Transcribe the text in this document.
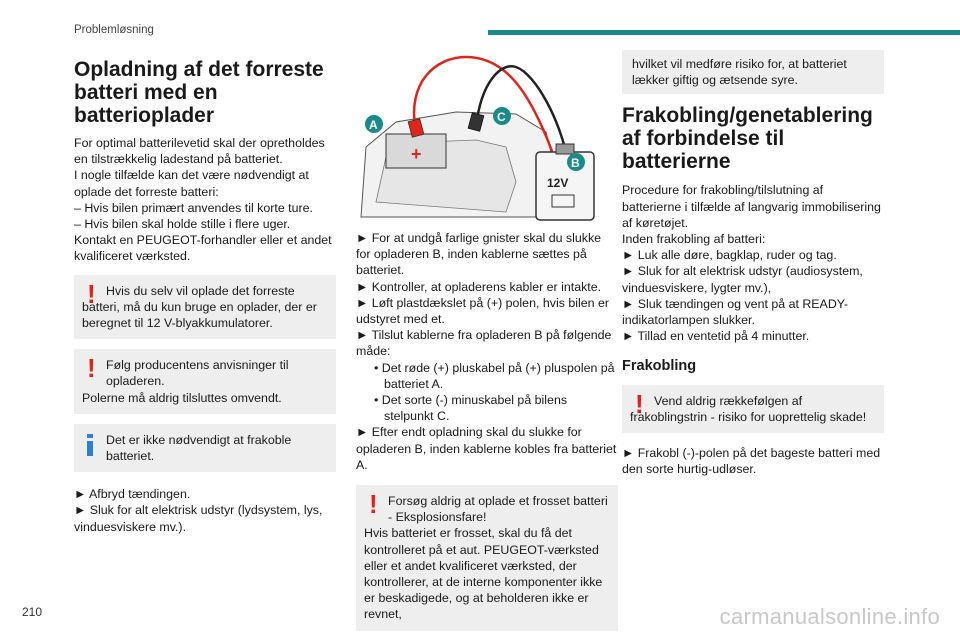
Problemløsning
Opladning af det forreste batteri med en batterioplader

For optimal batterilevetid skal der opretholdes en tilstrækkelig ladestand på batteriet.

I nogle tilfælde kan det være nødvendigt at oplade det forreste batteri:

– Hvis bilen primært anvendes til korte ture.

– Hvis bilen skal holde stille i flere uger.

Kontakt en PEUGEOT-forhandler eller et andet kvalificeret værksted.

! Hvis du selv vil oplade det forreste batteri, må du kun bruge en oplader, der er beregnet til 12 V-blyakkumulatorer.

! Følg producentens anvisninger til opladeren.

Polerne må aldrig tilsluttes omvendt.

Det er ikke nødvendigt at frakoble batteriet.

► Afbryd tændingen.

► Sluk for alt elektrisk udstyr (lydsystem, lys, vinduesviskere mv.).

+
12V
A
C
B

► For at undgå farlige gnister skal du slukke for opladeren B, inden kablerne sættes på batteriet.

► Kontroller, at opladerens kabler er intakte.

► Løft plastdækslet på (+) polen, hvis bilen er udstyret med et.

► Tilslut kablerne fra opladeren B på følgende måde:

• Det røde (+) pluskabel på (+) pluspolen på batteriet A.

• Det sorte (-) minuskabel på bilens stelpunkt C.

► Efter endt opladning skal du slukke for opladeren B, inden kablerne kobles fra batteriet A.

! Forsøg aldrig at oplade et frosset batteri - Eksplosionsfare!

Hvis batteriet er frosset, skal du få det kontrolleret på et aut. PEUGEOT-værksted eller et andet kvalificeret værksted, der kontrollerer, at de interne komponenter ikke er beskadigede, og at beholderen ikke er revnet,

hvilket vil medføre risiko for, at batteriet lækker giftig og ætsende syre.

Frakobling/genetablering af forbindelse til batterierne

Procedure for frakobling/tilslutning af batterierne i tilfælde af langvarig immobilisering af køretøjet.

Inden frakobling af batteri:

► Luk alle døre, bagklap, ruder og tag.

► Sluk for alt elektrisk udstyr (audiosystem, vinduesviskere, lygter mv.),

► Sluk tændingen og vent på at READY-indikatorlampen slukker.

► Tillad en ventetid på 4 minutter.

Frakobling
! Vend aldrig rækkefølgen af frakoblingstrin - risiko for uoprettelig skade!

► Frakobl (-)-polen på det bageste batteri med den sorte hurtig-udløser.

210	carmanualsonline.info
